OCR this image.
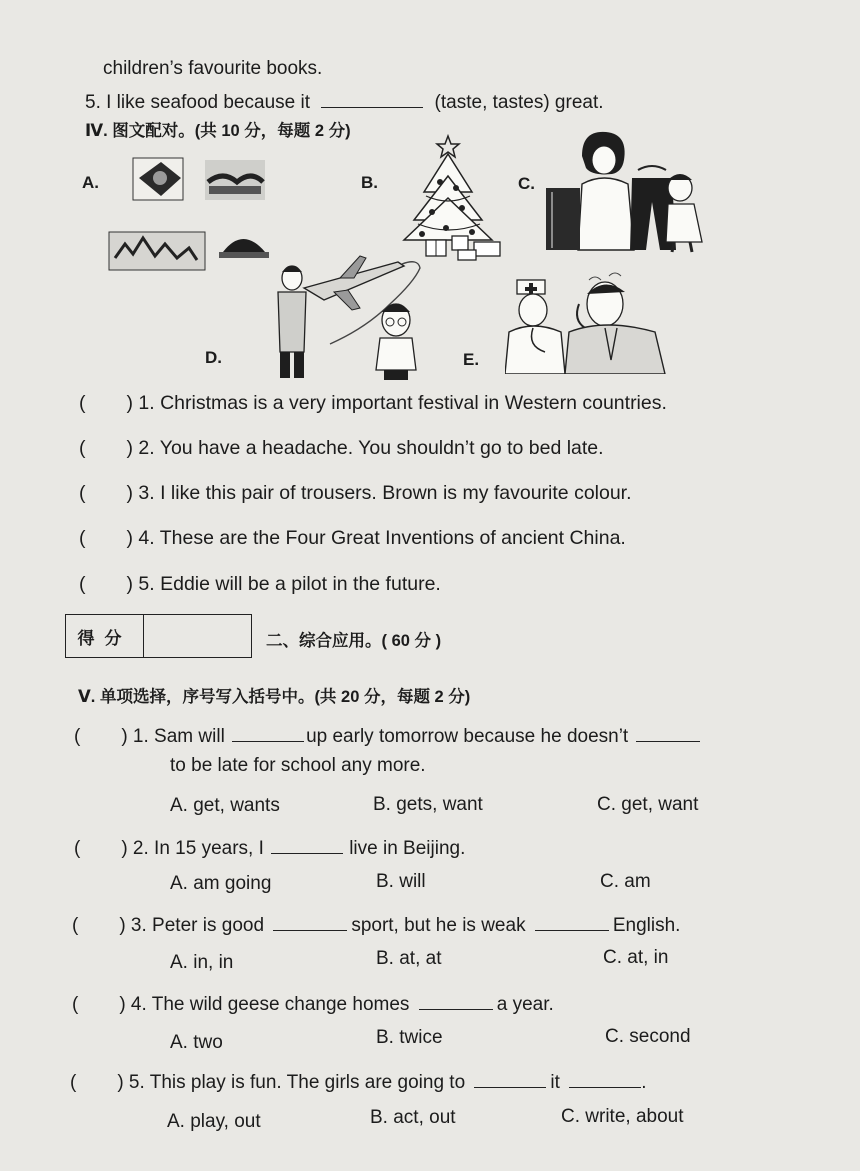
children’s favourite books.
5. I like seafood because it	(taste, tastes) great.
Ⅳ. 图文配对。(共 10 分，每题 2 分)
A.	B.	C.
D.	E.
( ) 1. Christmas is a very important festival in Western countries.
( ) 2. You have a headache. You shouldn’t go to bed late.
( ) 3. I like this pair of trousers. Brown is my favourite colour.
( ) 4. These are the Four Great Inventions of ancient China.
( ) 5. Eddie will be a pilot in the future.
得分	二、综合应用。( 60 分 )
Ⅴ. 单项选择，序号写入括号中。(共 20 分，每题 2 分)
( ) 1. Sam will	up early tomorrow because he doesn’t
to be late for school any more.
A. get, wants	B. gets, want	C. get, want
( ) 2. In 15 years, I	live in Beijing.
A. am going	B. will	C. am
( ) 3. Peter is good	sport, but he is weak	English.
A. in, in	B. at, at	C. at, in
( ) 4. The wild geese change homes	a year.
A. two	B. twice	C. second
( ) 5. This play is fun. The girls are going to	it	.
A. play, out	B. act, out	C. write, about
